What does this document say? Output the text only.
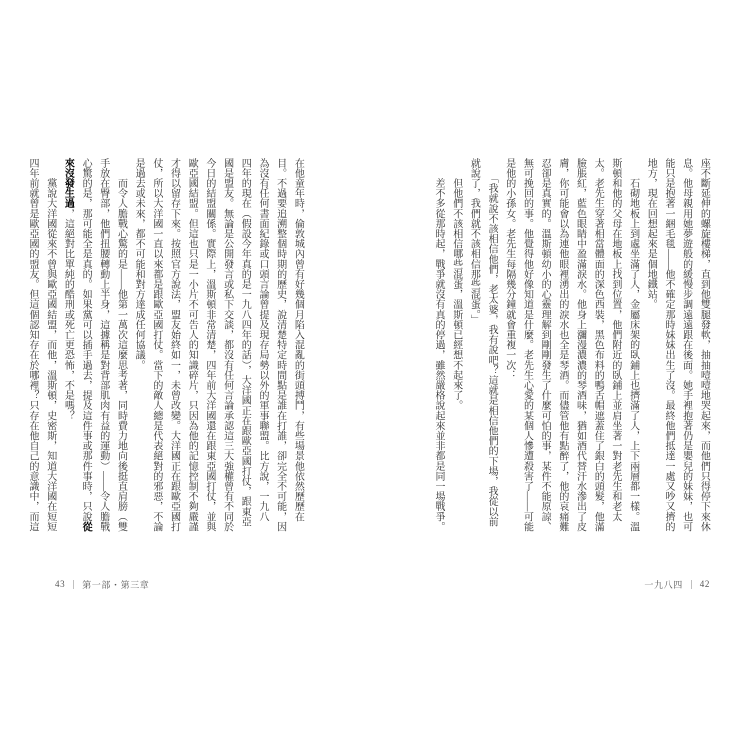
座不斷延伸的螺旋樓梯，直到他雙腿發軟，抽抽噎噎地哭起來，而他們只得停下來休
息。他母親用她夢遊般的緩慢步調遠遠跟在後面。她手裡抱著仍是嬰兒的妹妹，也可
能只是抱著一綑毛毯——他不確定那時妹妹出生了沒。最終他們抵達一處又吵又擠的
地方，現在回想起來是個地鐵站。
　　石砌地板上到處坐滿了人，金屬床架的臥鋪上也擠滿了人，上下兩層都一樣。溫
斯頓和他的父母在地板上找到位置，他們附近的臥鋪上並肩坐著一對老先生和老太
太。老先生穿著相當體面的深色西裝，黑色布料的鴨舌帽遮蓋住了銀白的頭髮，他滿
臉脹紅，藍色眼睛中盈滿淚水。他身上瀰漫濃濃的琴酒味，猶如酒代替汗水滲出了皮
膚，你可能會以為連他眼裡湧出的淚水也全是琴酒。而儘管他有點醉了，他的哀痛難
忍卻是真實的。溫斯頓幼小的心靈理解到剛剛發生了什麼可怕的事，某件不能原諒、
無可挽回的事。他覺得他好像知道是什麼。老先生心愛的某個人慘遭殺害了——可能
是他的小孫女。老先生每隔幾分鐘就會重複一次：
　　「我就說不該相信他們，老太婆，我有說吧？這就是相信他們的下場，我從以前
就說了，我們就不該相信那些混蛋。」
　　但他們不該相信哪些混蛋，溫斯頓已經想不起來了。
　　差不多從那時起，戰爭就沒有真的停過，雖然嚴格說起來並非都是同一場戰爭。
在他童年時，倫敦城內曾有好幾個月陷入混亂的街頭搏鬥，有些場景他依然歷歷在
目。不過要追溯整個時期的歷史，說清楚特定時間點是誰在打誰，卻完全不可能，因
為沒有任何書面紀錄或口頭言論曾提及現存局勢以外的軍事聯盟。比方說，一九八
四年的現在（假設今年真的是一九八四年的話），大洋國正在跟歐亞國打仗，跟東亞
國是盟友。無論是公開發言或私下交談，都沒有任何言論承認這三大強權曾有不同於
今日的結盟關係。實際上，溫斯頓非常清楚，四年前大洋國還在跟東亞國打仗，並與
歐亞國結盟。但這也只是一小片不可告人的知識碎片，只因為他的記憶控制不夠嚴謹
才得以留存下來。按照官方說法，盟友始終如一，未曾改變。大洋國正在跟歐亞國打
仗，所以大洋國一直以來都是跟歐亞國打仗。當下的敵人總是代表絕對的邪惡，不論
是過去或未來，都不可能和對方達成任何協議。
　　而令人膽戰心驚的是——他第一萬次這麼思考著，同時費力地向後挺直肩膀（雙
手放在臀部，他們扭腰轉動上半身，這據稱是對背部肌肉有益的運動）——令人膽戰
心驚的是，那可能全是真的。如果黨可以插手過去，提及這件事或那件事時，只說從
來沒發生過，這絕對比單純的酷刑或死亡更恐怖，不是嗎？
　　黨說大洋國從來不曾與歐亞國結盟，而他，溫斯頓，史密斯，知道大洋國在短短
四年前就曾是歐亞國的盟友。但這個認知存在於哪裡？只存在他自己的意識中，而這
43 第一部・第三章	一九八四 42
